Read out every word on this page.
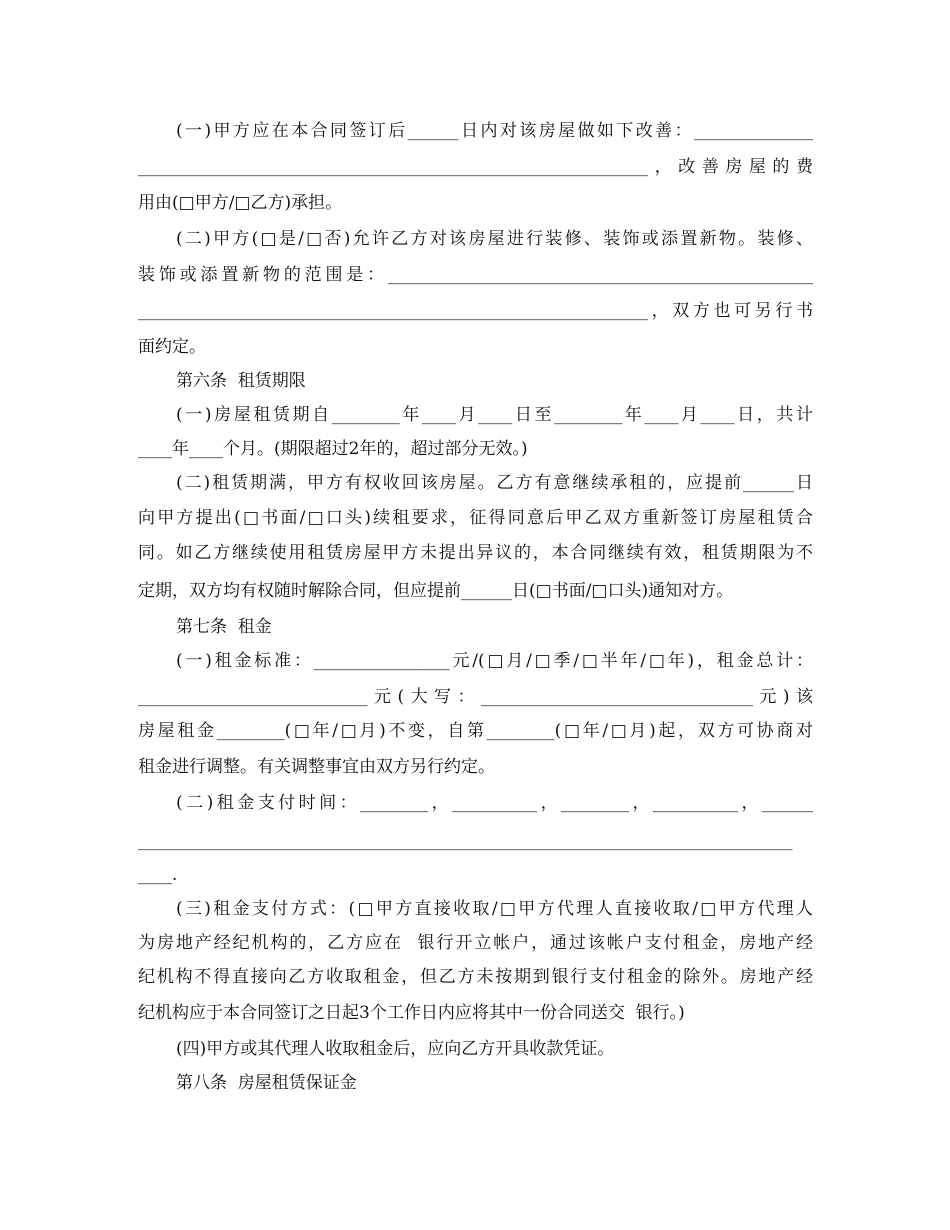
(一)甲方应在本合同签订后______日内对该房屋做如下改善：______________
____________________________________________________________，改善房屋的费
用由(□甲方/□乙方)承担。
(二)甲方(□是/□否)允许乙方对该房屋进行装修、装饰或添置新物。装修、
装饰或添置新物的范围是：__________________________________________________
____________________________________________________________，双方也可另行书
面约定。
第六条  租赁期限
(一)房屋租赁期自________年____月____日至________年____月____日，共计
____年____个月。(期限超过2年的，超过部分无效。)
(二)租赁期满，甲方有权收回该房屋。乙方有意继续承租的，应提前______日
向甲方提出(□书面/□口头)续租要求，征得同意后甲乙双方重新签订房屋租赁合
同。如乙方继续使用租赁房屋甲方未提出异议的，本合同继续有效，租赁期限为不
定期，双方均有权随时解除合同，但应提前______日(□书面/□口头)通知对方。
第七条  租金
(一)租金标准：________________元/(□月/□季/□半年/□年)，租金总计：
___________________________元(大写：________________________________元)该
房屋租金________(□年/□月)不变，自第________(□年/□月)起，双方可协商对
租金进行调整。有关调整事宜由双方另行约定。
(二)租金支付时间：________，__________，________，__________，______
_____________________________________________________________________________
____.
(三)租金支付方式：(□甲方直接收取/□甲方代理人直接收取/□甲方代理人
为房地产经纪机构的，乙方应在  银行开立帐户，通过该帐户支付租金，房地产经
纪机构不得直接向乙方收取租金，但乙方未按期到银行支付租金的除外。房地产经
纪机构应于本合同签订之日起3个工作日内应将其中一份合同送交  银行。)
(四)甲方或其代理人收取租金后，应向乙方开具收款凭证。
第八条  房屋租赁保证金
